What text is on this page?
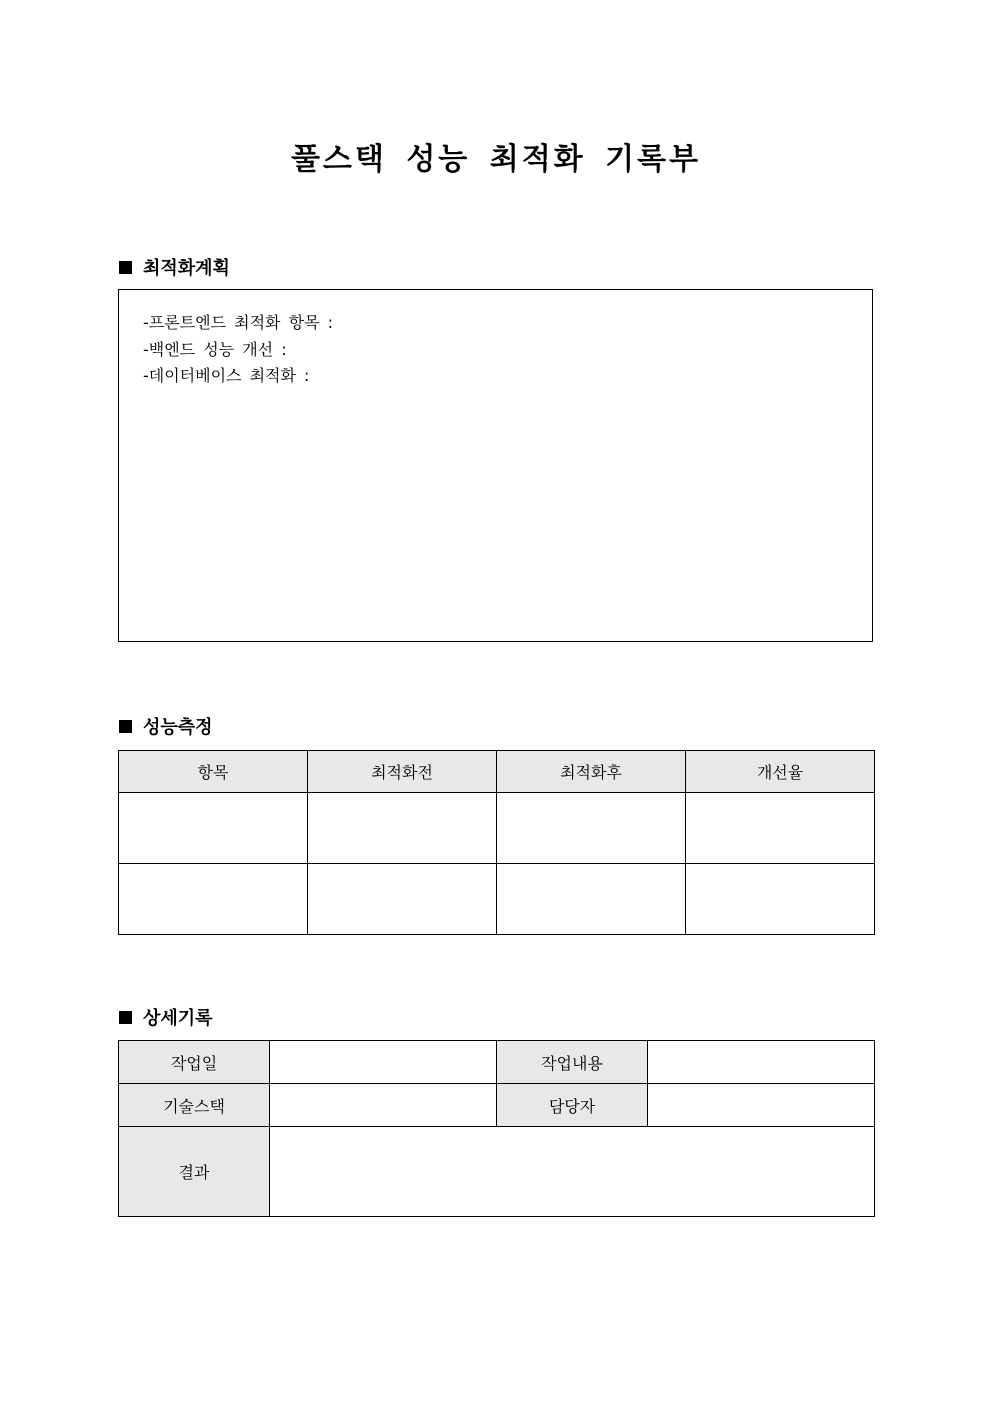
풀스택 성능 최적화 기록부
최적화계획
-프론트엔드 최적화 항목 :
-백엔드 성능 개선 :
-데이터베이스 최적화 :
성능측정
항목	최적화전	최적화후	개선율

상세기록
작업일		작업내용	
기술스택		담당자	
결과			
